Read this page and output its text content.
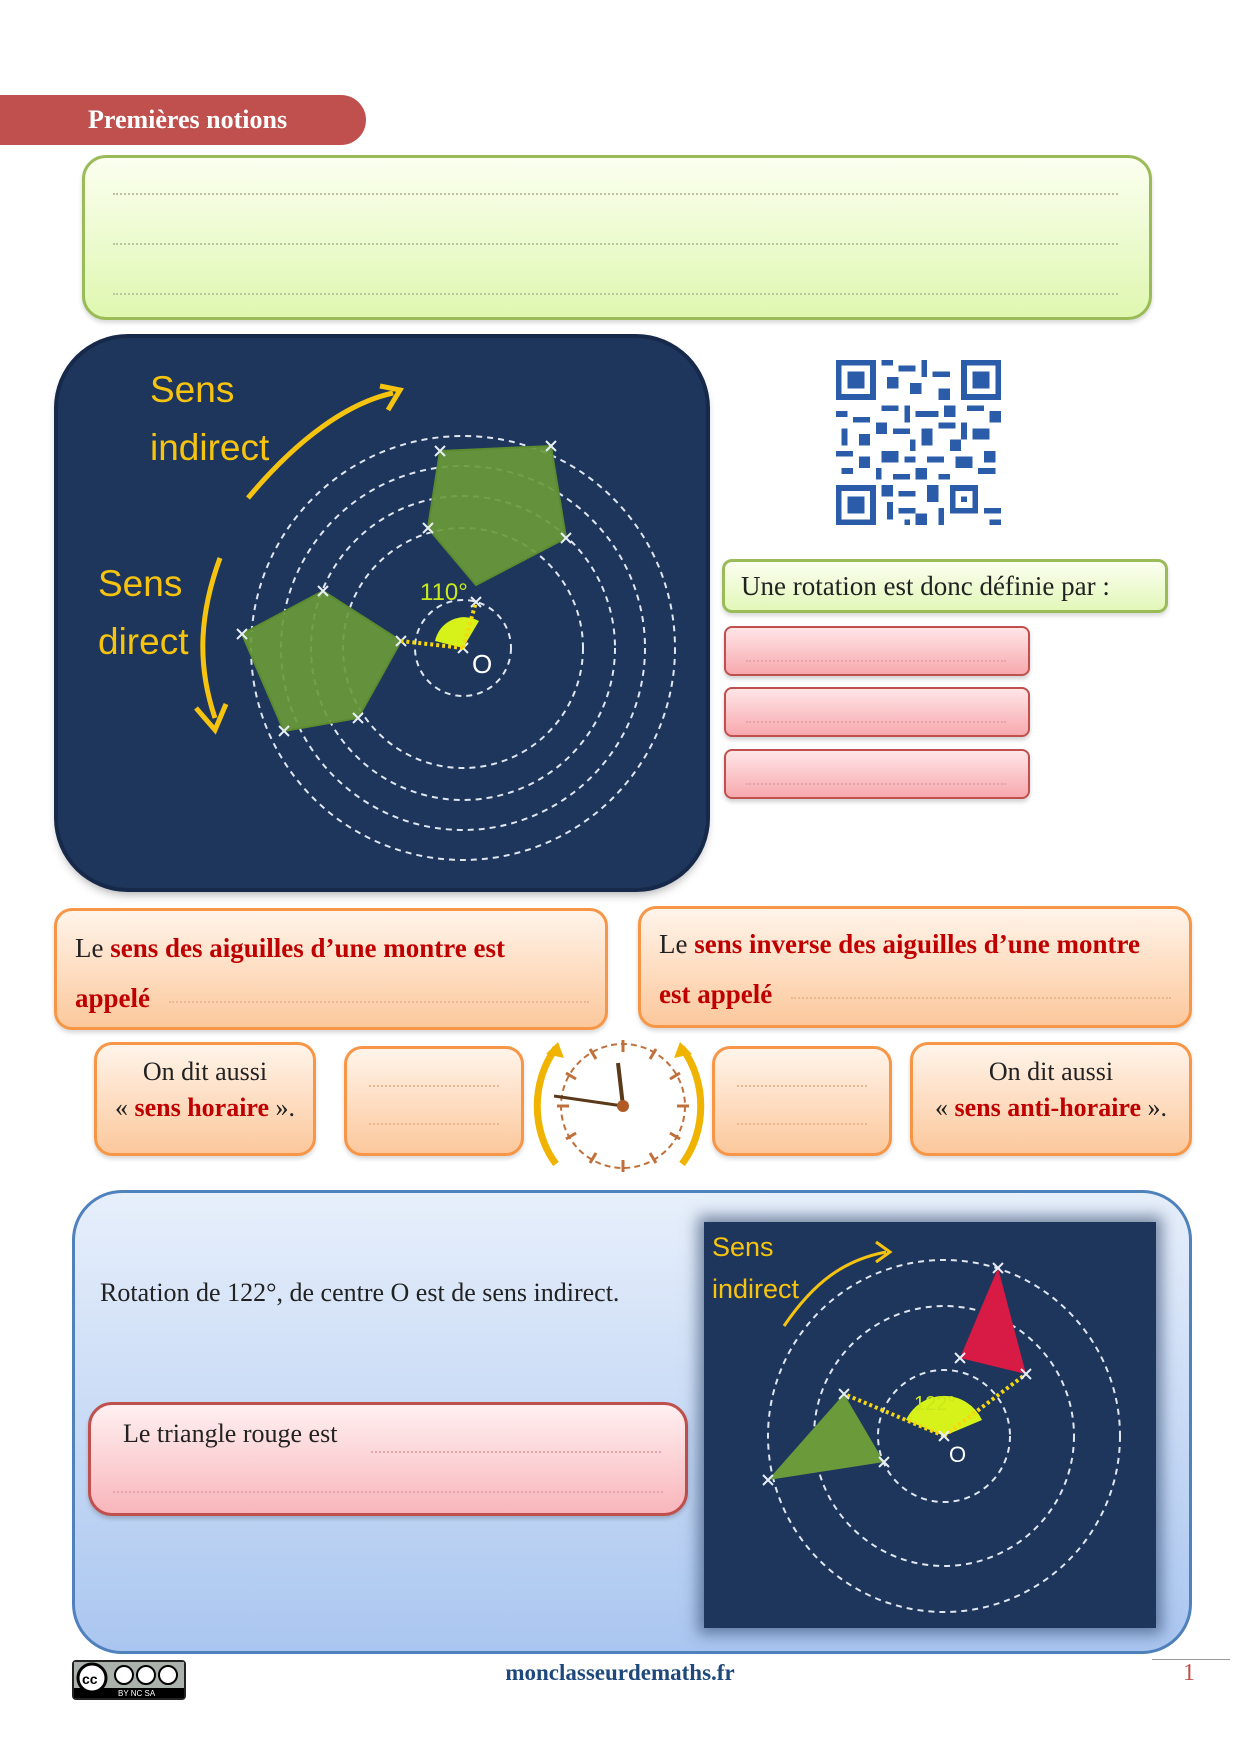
Premières notions
110°
O
Sens
indirect
Sens
direct
Une rotation est donc définie par :
Le sens des aiguilles d’une montre est
appelé
Le sens inverse des aiguilles d’une montre
est appelé
On dit aussi
« sens horaire ».
On dit aussi
« sens anti-horaire ».
Rotation de 122°, de centre O est de sens indirect.
Le triangle rouge est
122°
O
Sens
indirect
cc
BY NC SA
monclasseurdemaths.fr	1
